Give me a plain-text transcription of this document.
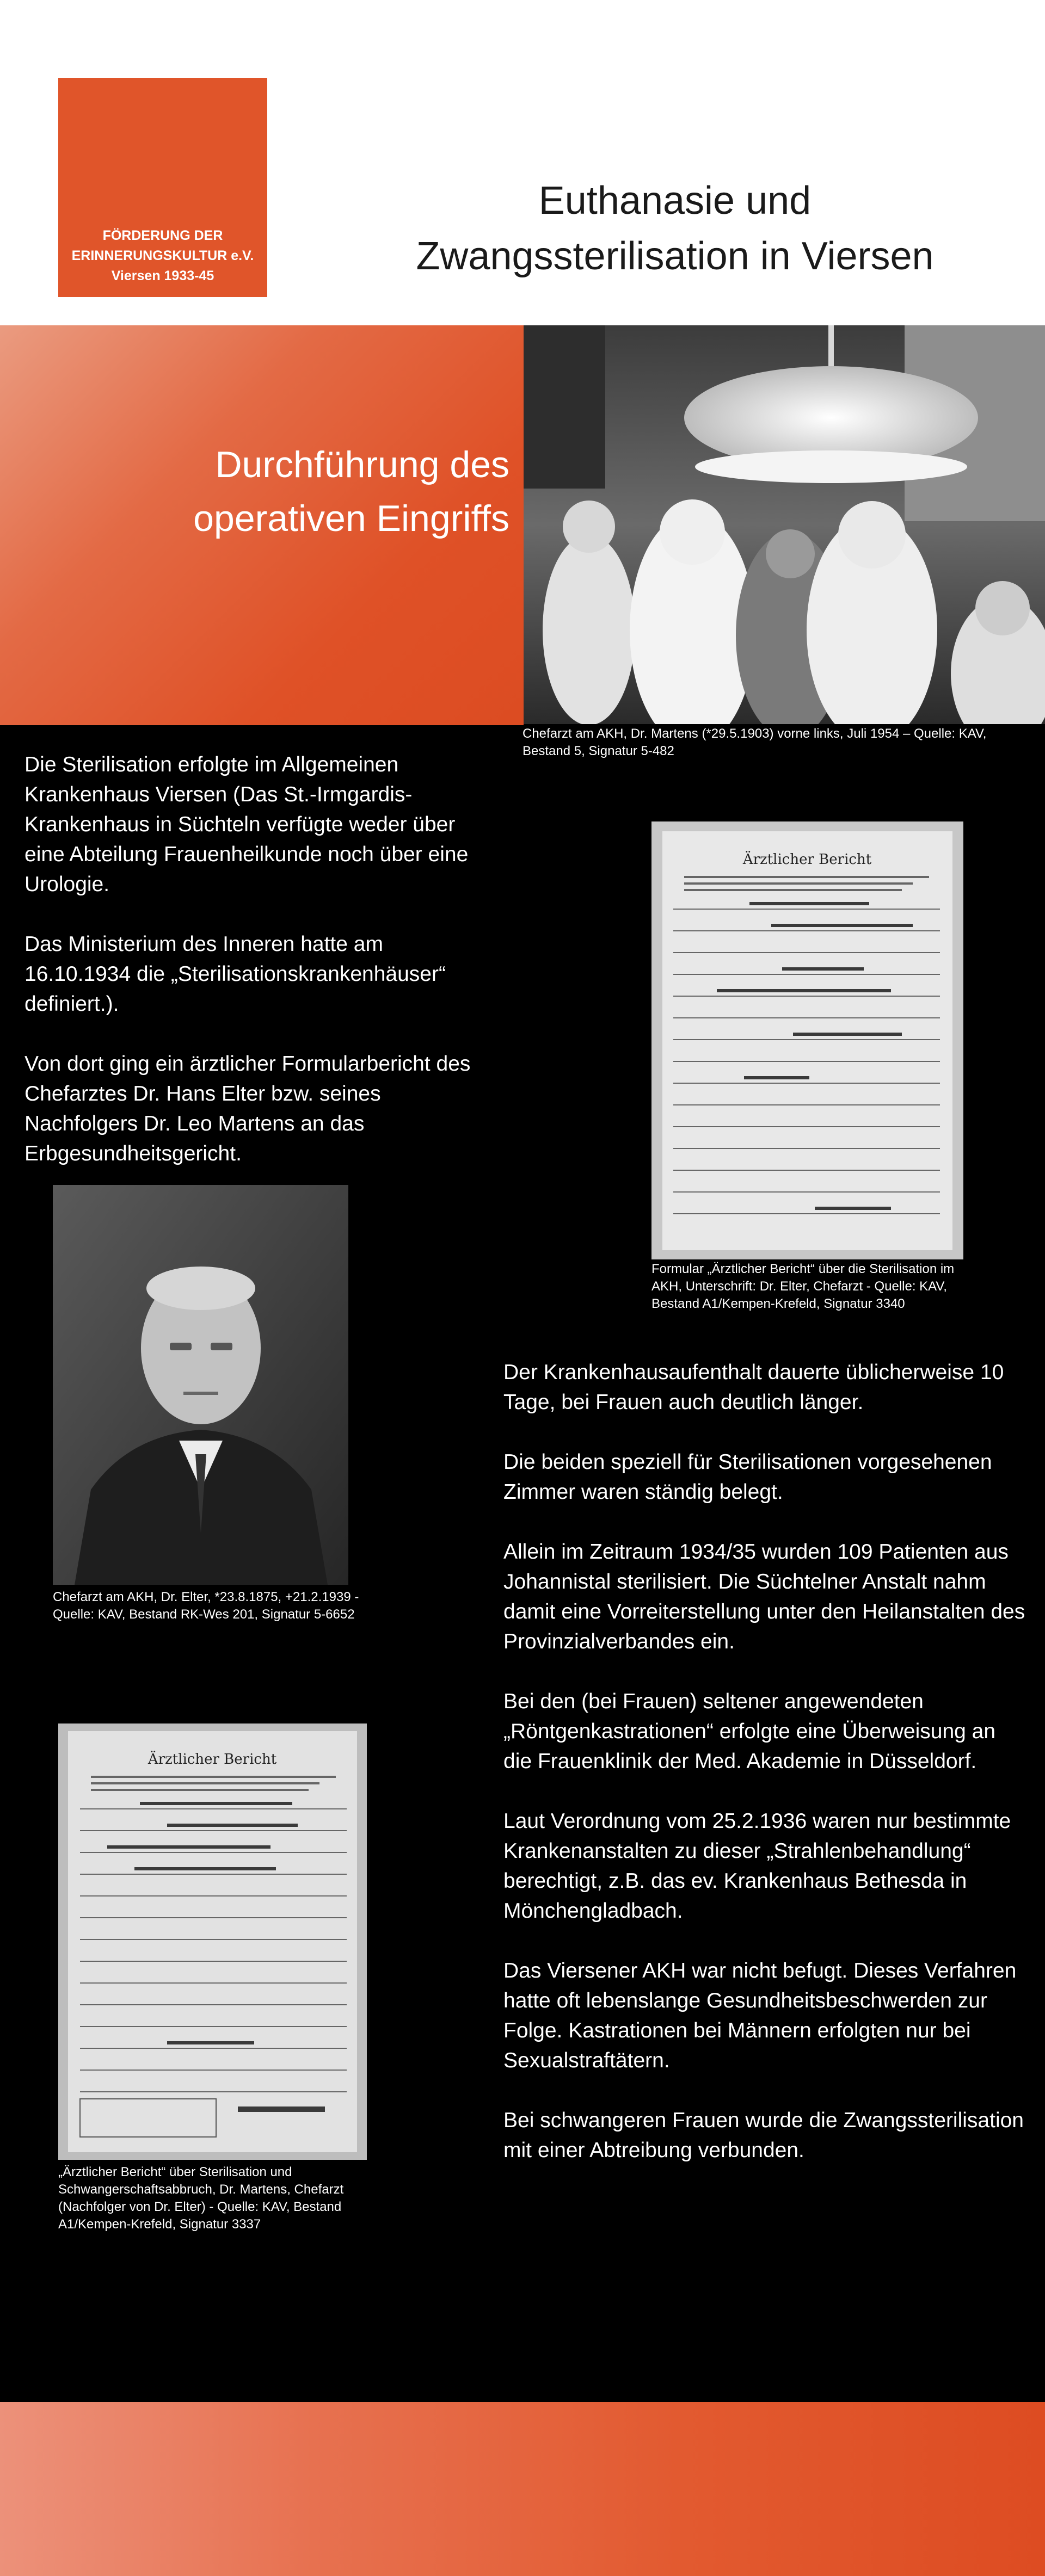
FÖRDERUNG DER
ERINNERUNGSKULTUR e.V.
Viersen 1933-45
Euthanasie und
Zwangssterilisation in Viersen
Durchführung des
operativen Eingriffs
Chefarzt am AKH, Dr. Martens (*29.5.1903) vorne links, Juli 1954 – Quelle: KAV, Bestand 5, Signatur 5-482
Die Sterilisation erfolgte im Allgemeinen Krankenhaus Viersen (Das St.-Irmgardis-Krankenhaus in Süchteln verfügte weder über eine Abteilung Frauenheilkunde noch über eine Urologie.

Das Ministerium des Inneren hatte am 16.10.1934 die „Sterilisationskrankenhäuser“ definiert.).

Von dort ging ein ärztlicher Formularbericht des Chefarztes Dr. Hans Elter bzw. seines Nachfolgers Dr. Leo Martens an das Erbgesundheitsgericht.
Ärztlicher Bericht
Formular „Ärztlicher Bericht“ über die Sterilisation im AKH, Unterschrift: Dr. Elter, Chefarzt - Quelle: KAV, Bestand A1/Kempen-Krefeld, Signatur 3340
Chefarzt am AKH, Dr. Elter, *23.8.1875, +21.2.1939 - Quelle: KAV, Bestand RK-Wes 201, Signatur 5-6652
Ärztlicher Bericht
„Ärztlicher Bericht“ über Sterilisation und Schwangerschaftsabbruch, Dr. Martens, Chefarzt (Nachfolger von Dr. Elter) - Quelle: KAV, Bestand A1/Kempen-Krefeld, Signatur 3337
Der Krankenhausaufenthalt dauerte üblicherweise 10 Tage, bei Frauen auch deutlich länger.

Die beiden speziell für Sterilisationen vorgesehenen Zimmer waren ständig belegt.

Allein im Zeitraum 1934/35 wurden 109 Patienten aus Johannistal sterilisiert. Die Süchtelner Anstalt nahm damit eine Vorreiterstellung unter den Heilanstalten des Provinzialverbandes ein.

Bei den (bei Frauen) seltener angewendeten „Röntgenkastrationen“ erfolgte eine Überweisung an die Frauenklinik der Med. Akademie in Düsseldorf.

Laut Verordnung vom 25.2.1936 waren nur bestimmte Krankenanstalten zu dieser „Strahlenbehandlung“ berechtigt, z.B. das ev. Krankenhaus Bethesda in Mönchengladbach.

Das Viersener AKH war nicht befugt. Dieses Verfahren hatte oft lebenslange Gesundheitsbeschwerden zur Folge. Kastrationen bei Männern erfolgten nur bei Sexualstraftätern.

Bei schwangeren Frauen wurde die Zwangssterilisation mit einer Abtreibung verbunden.
